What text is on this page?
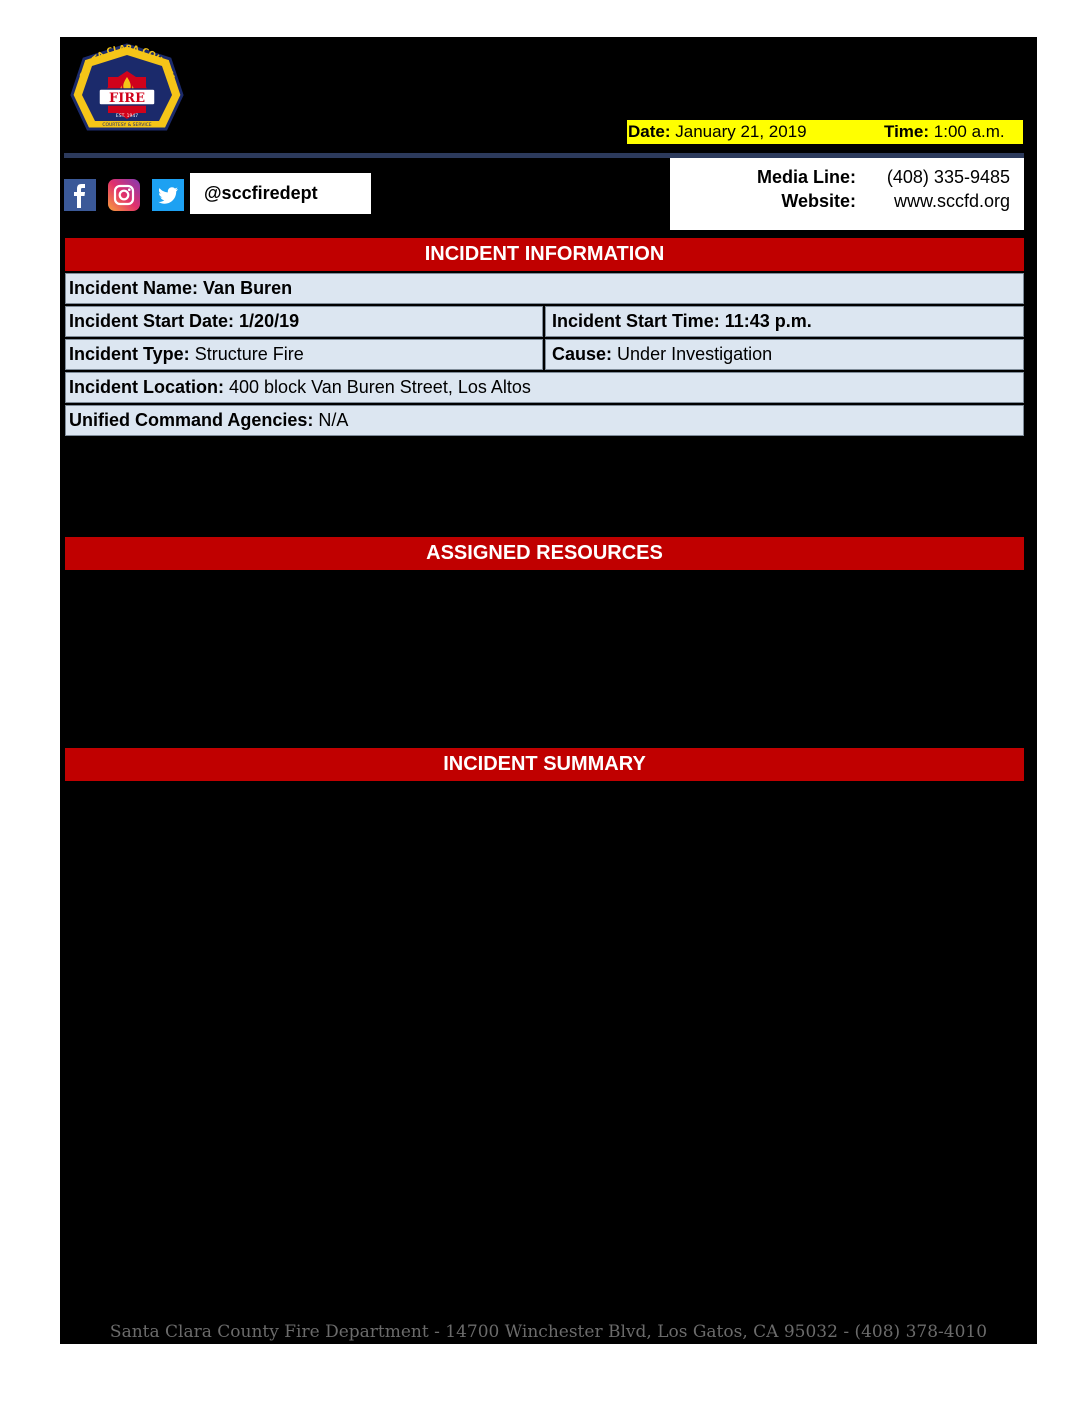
SANTA CLARA COUNTY
FIRE
EST. 1947
COURTESY & SERVICE	Date: January 21, 2019	Time: 1:00 a.m.
@sccfiredept
Media Line: (408) 335-9485
Website: www.sccfd.org
INCIDENT INFORMATION
Incident Name: Van Buren
Incident Start Date: 1/20/19	Incident Start Time: 11:43 p.m.
Incident Type: Structure Fire	Cause: Under Investigation
Incident Location: 400 block Van Buren Street, Los Altos
Unified Command Agencies: N/A
ASSIGNED RESOURCES
INCIDENT SUMMARY
Santa Clara County Fire Department - 14700 Winchester Blvd, Los Gatos, CA 95032 - (408) 378-4010
